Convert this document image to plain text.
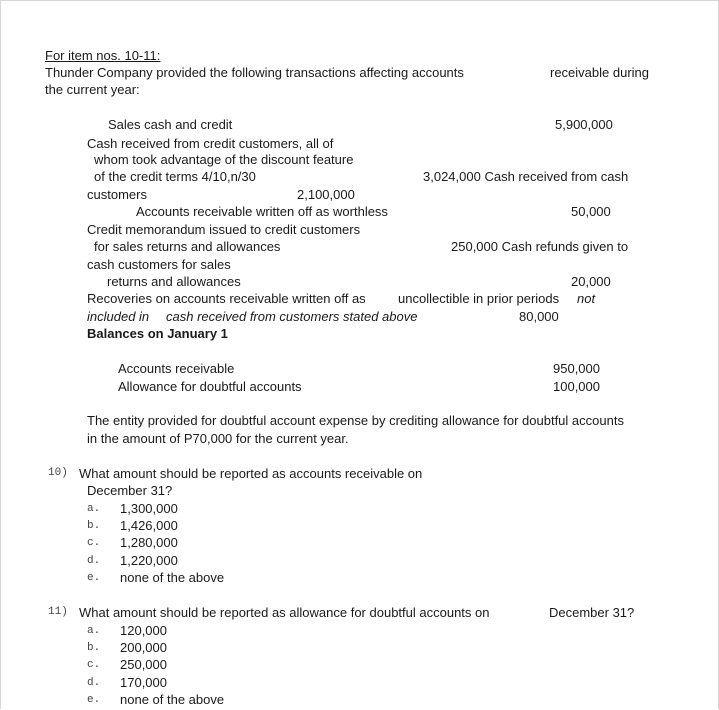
For item nos. 10-11:
Thunder Company provided the following transactions affecting accounts	receivable during
the current year:
Sales cash and credit	5,900,000
Cash received from credit customers, all of
whom took advantage of the discount feature
of the credit terms 4/10,n/30	3,024,000 Cash received from cash
customers	2,100,000
Accounts receivable written off as worthless	50,000
Credit memorandum issued to credit customers
for sales returns and allowances	250,000 Cash refunds given to
cash customers for sales
returns and allowances	20,000
Recoveries on accounts receivable written off as uncollectible in prior periods not
included in cash received from customers stated above	80,000
Balances on January 1
Accounts receivable	950,000
Allowance for doubtful accounts	100,000
The entity provided for doubtful account expense by crediting allowance for doubtful accounts
in the amount of P70,000 for the current year.
10) What amount should be reported as accounts receivable on
December 31?
a. 1,300,000
b. 1,426,000
c. 1,280,000
d. 1,220,000
e. none of the above
11) What amount should be reported as allowance for doubtful accounts on	December 31?
a. 120,000
b. 200,000
c. 250,000
d. 170,000
e. none of the above
